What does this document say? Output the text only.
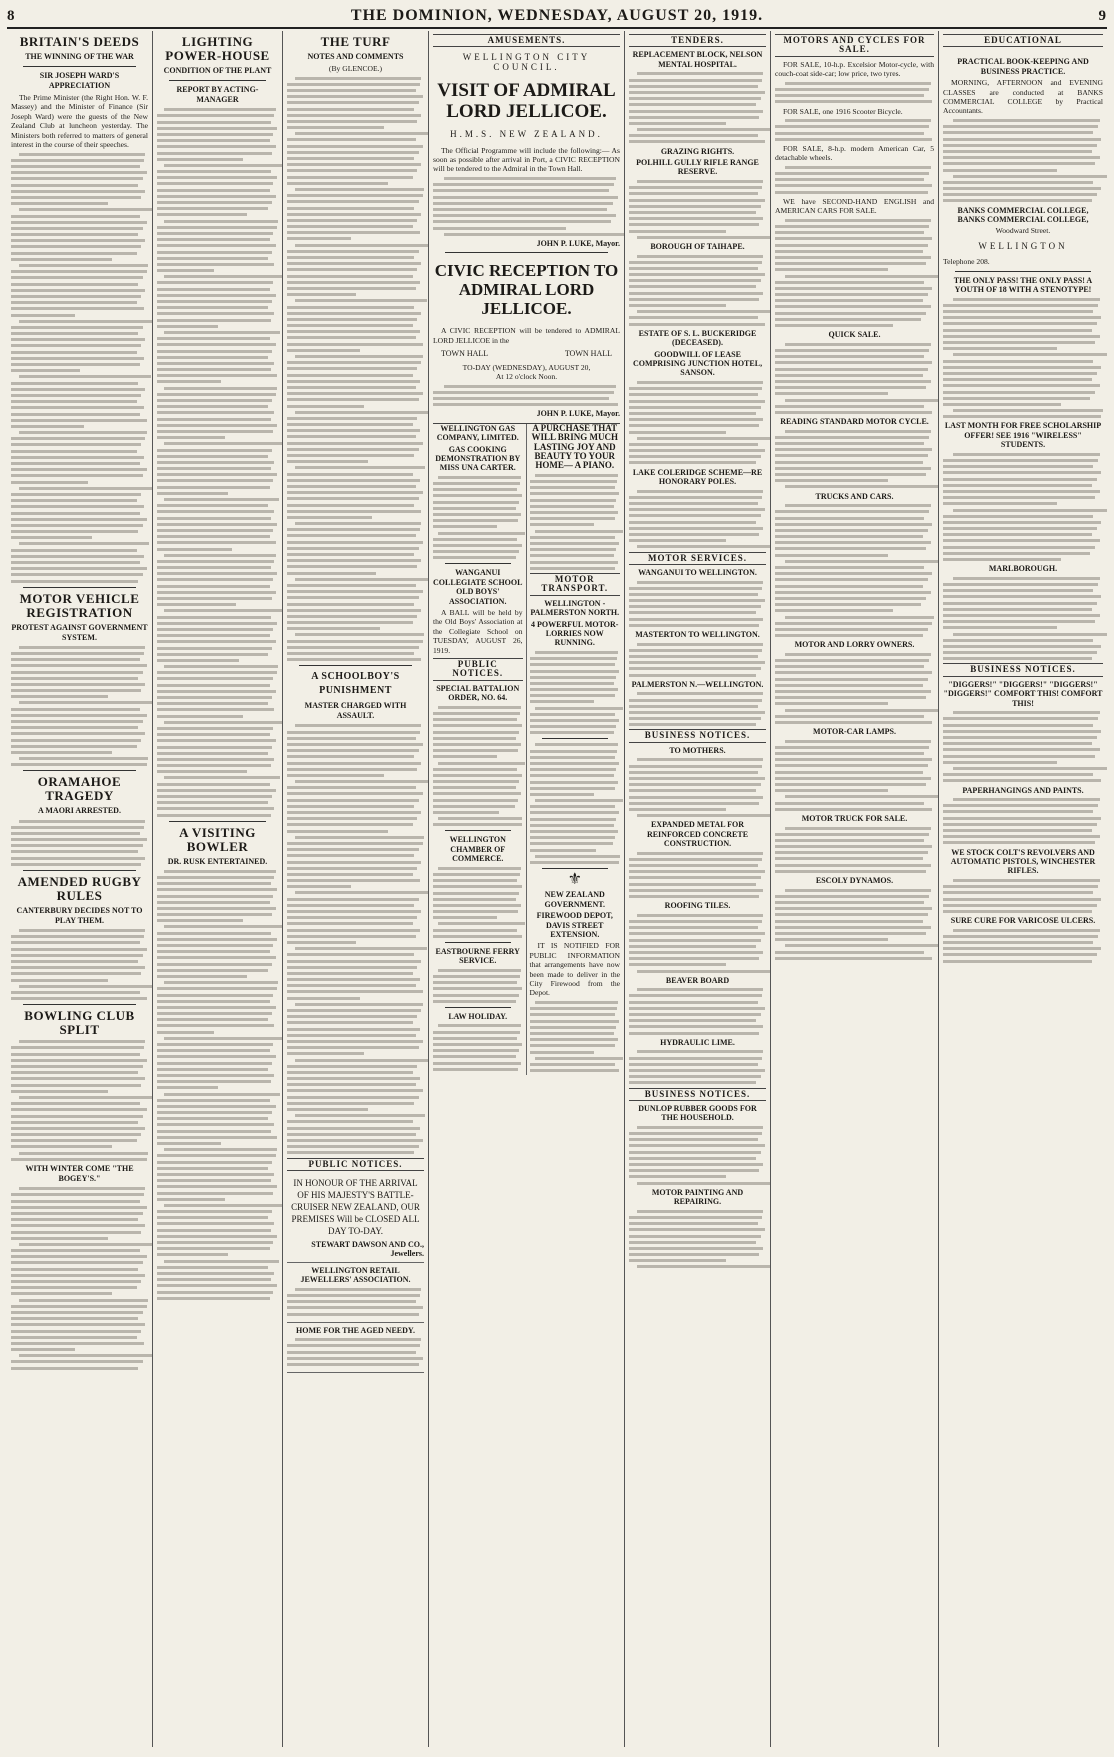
8	THE DOMINION, WEDNESDAY, AUGUST 20, 1919.	9
BRITAIN'S DEEDS
THE WINNING OF THE WAR
SIR JOSEPH WARD'S APPRECIATION

The Prime Minister (the Right Hon. W. F. Massey) and the Minister of Finance (Sir Joseph Ward) were the guests of the New Zealand Club at luncheon yesterday. The Ministers both referred to matters of general interest in the course of their speeches.

MOTOR VEHICLE REGISTRATION
PROTEST AGAINST GOVERNMENT SYSTEM.
ORAMAHOE TRAGEDY
A MAORI ARRESTED.
AMENDED RUGBY RULES
CANTERBURY DECIDES NOT TO PLAY THEM.
BOWLING CLUB SPLIT
WITH WINTER COME "THE BOGEY'S."
LIGHTING POWER-HOUSE
CONDITION OF THE PLANT
REPORT BY ACTING-MANAGER
A VISITING BOWLER
DR. RUSK ENTERTAINED.
THE TURF
NOTES AND COMMENTS
(By GLENCOE.)
A SCHOOLBOY'S PUNISHMENT
MASTER CHARGED WITH ASSAULT.
PUBLIC NOTICES.
IN HONOUR OF THE ARRIVAL OF HIS MAJESTY'S BATTLE-CRUISER NEW ZEALAND, OUR PREMISES Will be CLOSED ALL DAY TO-DAY.
STEWART DAWSON AND CO., Jewellers.
WELLINGTON RETAIL JEWELLERS' ASSOCIATION.
HOME FOR THE AGED NEEDY.
AMUSEMENTS.
WELLINGTON CITY COUNCIL.
VISIT OF ADMIRAL LORD JELLICOE.
H.M.S. NEW ZEALAND.

The Official Programme will include the following:— As soon as possible after arrival in Port, a CIVIC RECEPTION will be tendered to the Admiral in the Town Hall.

JOHN P. LUKE, Mayor.
CIVIC RECEPTION TO ADMIRAL LORD JELLICOE.

A CIVIC RECEPTION will be tendered to ADMIRAL LORD JELLICOE in the

TOWN HALL	TOWN HALL
TO-DAY (WEDNESDAY), AUGUST 20,
At 12 o'clock Noon.
JOHN P. LUKE, Mayor.
WELLINGTON GAS COMPANY, LIMITED.
GAS COOKING DEMONSTRATION BY MISS UNA CARTER.
WANGANUI COLLEGIATE SCHOOL OLD BOYS' ASSOCIATION.

A BALL will be held by the Old Boys' Association at the Collegiate School on TUESDAY, AUGUST 26, 1919.

PUBLIC NOTICES.
SPECIAL BATTALION ORDER, NO. 64.
WELLINGTON CHAMBER OF COMMERCE.
EASTBOURNE FERRY SERVICE.
LAW HOLIDAY.
A PURCHASE THAT WILL BRING MUCH LASTING JOY AND BEAUTY TO YOUR HOME— A PIANO.
MOTOR TRANSPORT.
WELLINGTON - PALMERSTON NORTH.
4 POWERFUL MOTOR-LORRIES NOW RUNNING.
⚜
NEW ZEALAND GOVERNMENT.
FIREWOOD DEPOT, DAVIS STREET EXTENSION.

IT IS NOTIFIED FOR PUBLIC INFORMATION that arrangements have now been made to deliver in the City Firewood from the Depot.

TENDERS.
REPLACEMENT BLOCK, NELSON MENTAL HOSPITAL.
GRAZING RIGHTS.
POLHILL GULLY RIFLE RANGE RESERVE.
BOROUGH OF TAIHAPE.
ESTATE OF S. L. BUCKERIDGE (DECEASED).
GOODWILL OF LEASE COMPRISING JUNCTION HOTEL, SANSON.
LAKE COLERIDGE SCHEME—RE HONORARY POLES.
MOTOR SERVICES.
WANGANUI TO WELLINGTON.
MASTERTON TO WELLINGTON.
PALMERSTON N.—WELLINGTON.
BUSINESS NOTICES.
TO MOTHERS.
EXPANDED METAL FOR REINFORCED CONCRETE CONSTRUCTION.
ROOFING TILES.
BEAVER BOARD
HYDRAULIC LIME.
BUSINESS NOTICES.
DUNLOP RUBBER GOODS FOR THE HOUSEHOLD.
MOTOR PAINTING AND REPAIRING.
MOTORS AND CYCLES FOR SALE.

FOR SALE, 10-h.p. Excelsior Motor-cycle, with couch-coat side-car; low price, two tyres.

FOR SALE, one 1916 Scooter Bicycle.

FOR SALE, 8-h.p. modern American Car, 5 detachable wheels.

WE have SECOND-HAND ENGLISH and AMERICAN CARS FOR SALE.

QUICK SALE.
READING STANDARD MOTOR CYCLE.
TRUCKS AND CARS.
MOTOR AND LORRY OWNERS.
MOTOR-CAR LAMPS.
MOTOR TRUCK FOR SALE.
ESCOLY DYNAMOS.
EDUCATIONAL
PRACTICAL BOOK-KEEPING AND BUSINESS PRACTICE.

MORNING, AFTERNOON and EVENING CLASSES are conducted at BANKS COMMERCIAL COLLEGE by Practical Accountants.

BANKS COMMERCIAL COLLEGE, BANKS COMMERCIAL COLLEGE,
Woodward Street.
WELLINGTON
Telephone 208.
THE ONLY PASS! THE ONLY PASS! A YOUTH OF 18 WITH A STENOTYPE!
LAST MONTH FOR FREE SCHOLARSHIP OFFER! SEE 1916 "WIRELESS" STUDENTS.
MARLBOROUGH.
BUSINESS NOTICES.
"DIGGERS!" "DIGGERS!" "DIGGERS!" "DIGGERS!" COMFORT THIS! COMFORT THIS!
PAPERHANGINGS AND PAINTS.
WE STOCK COLT'S REVOLVERS AND AUTOMATIC PISTOLS, WINCHESTER RIFLES.
SURE CURE FOR VARICOSE ULCERS.
